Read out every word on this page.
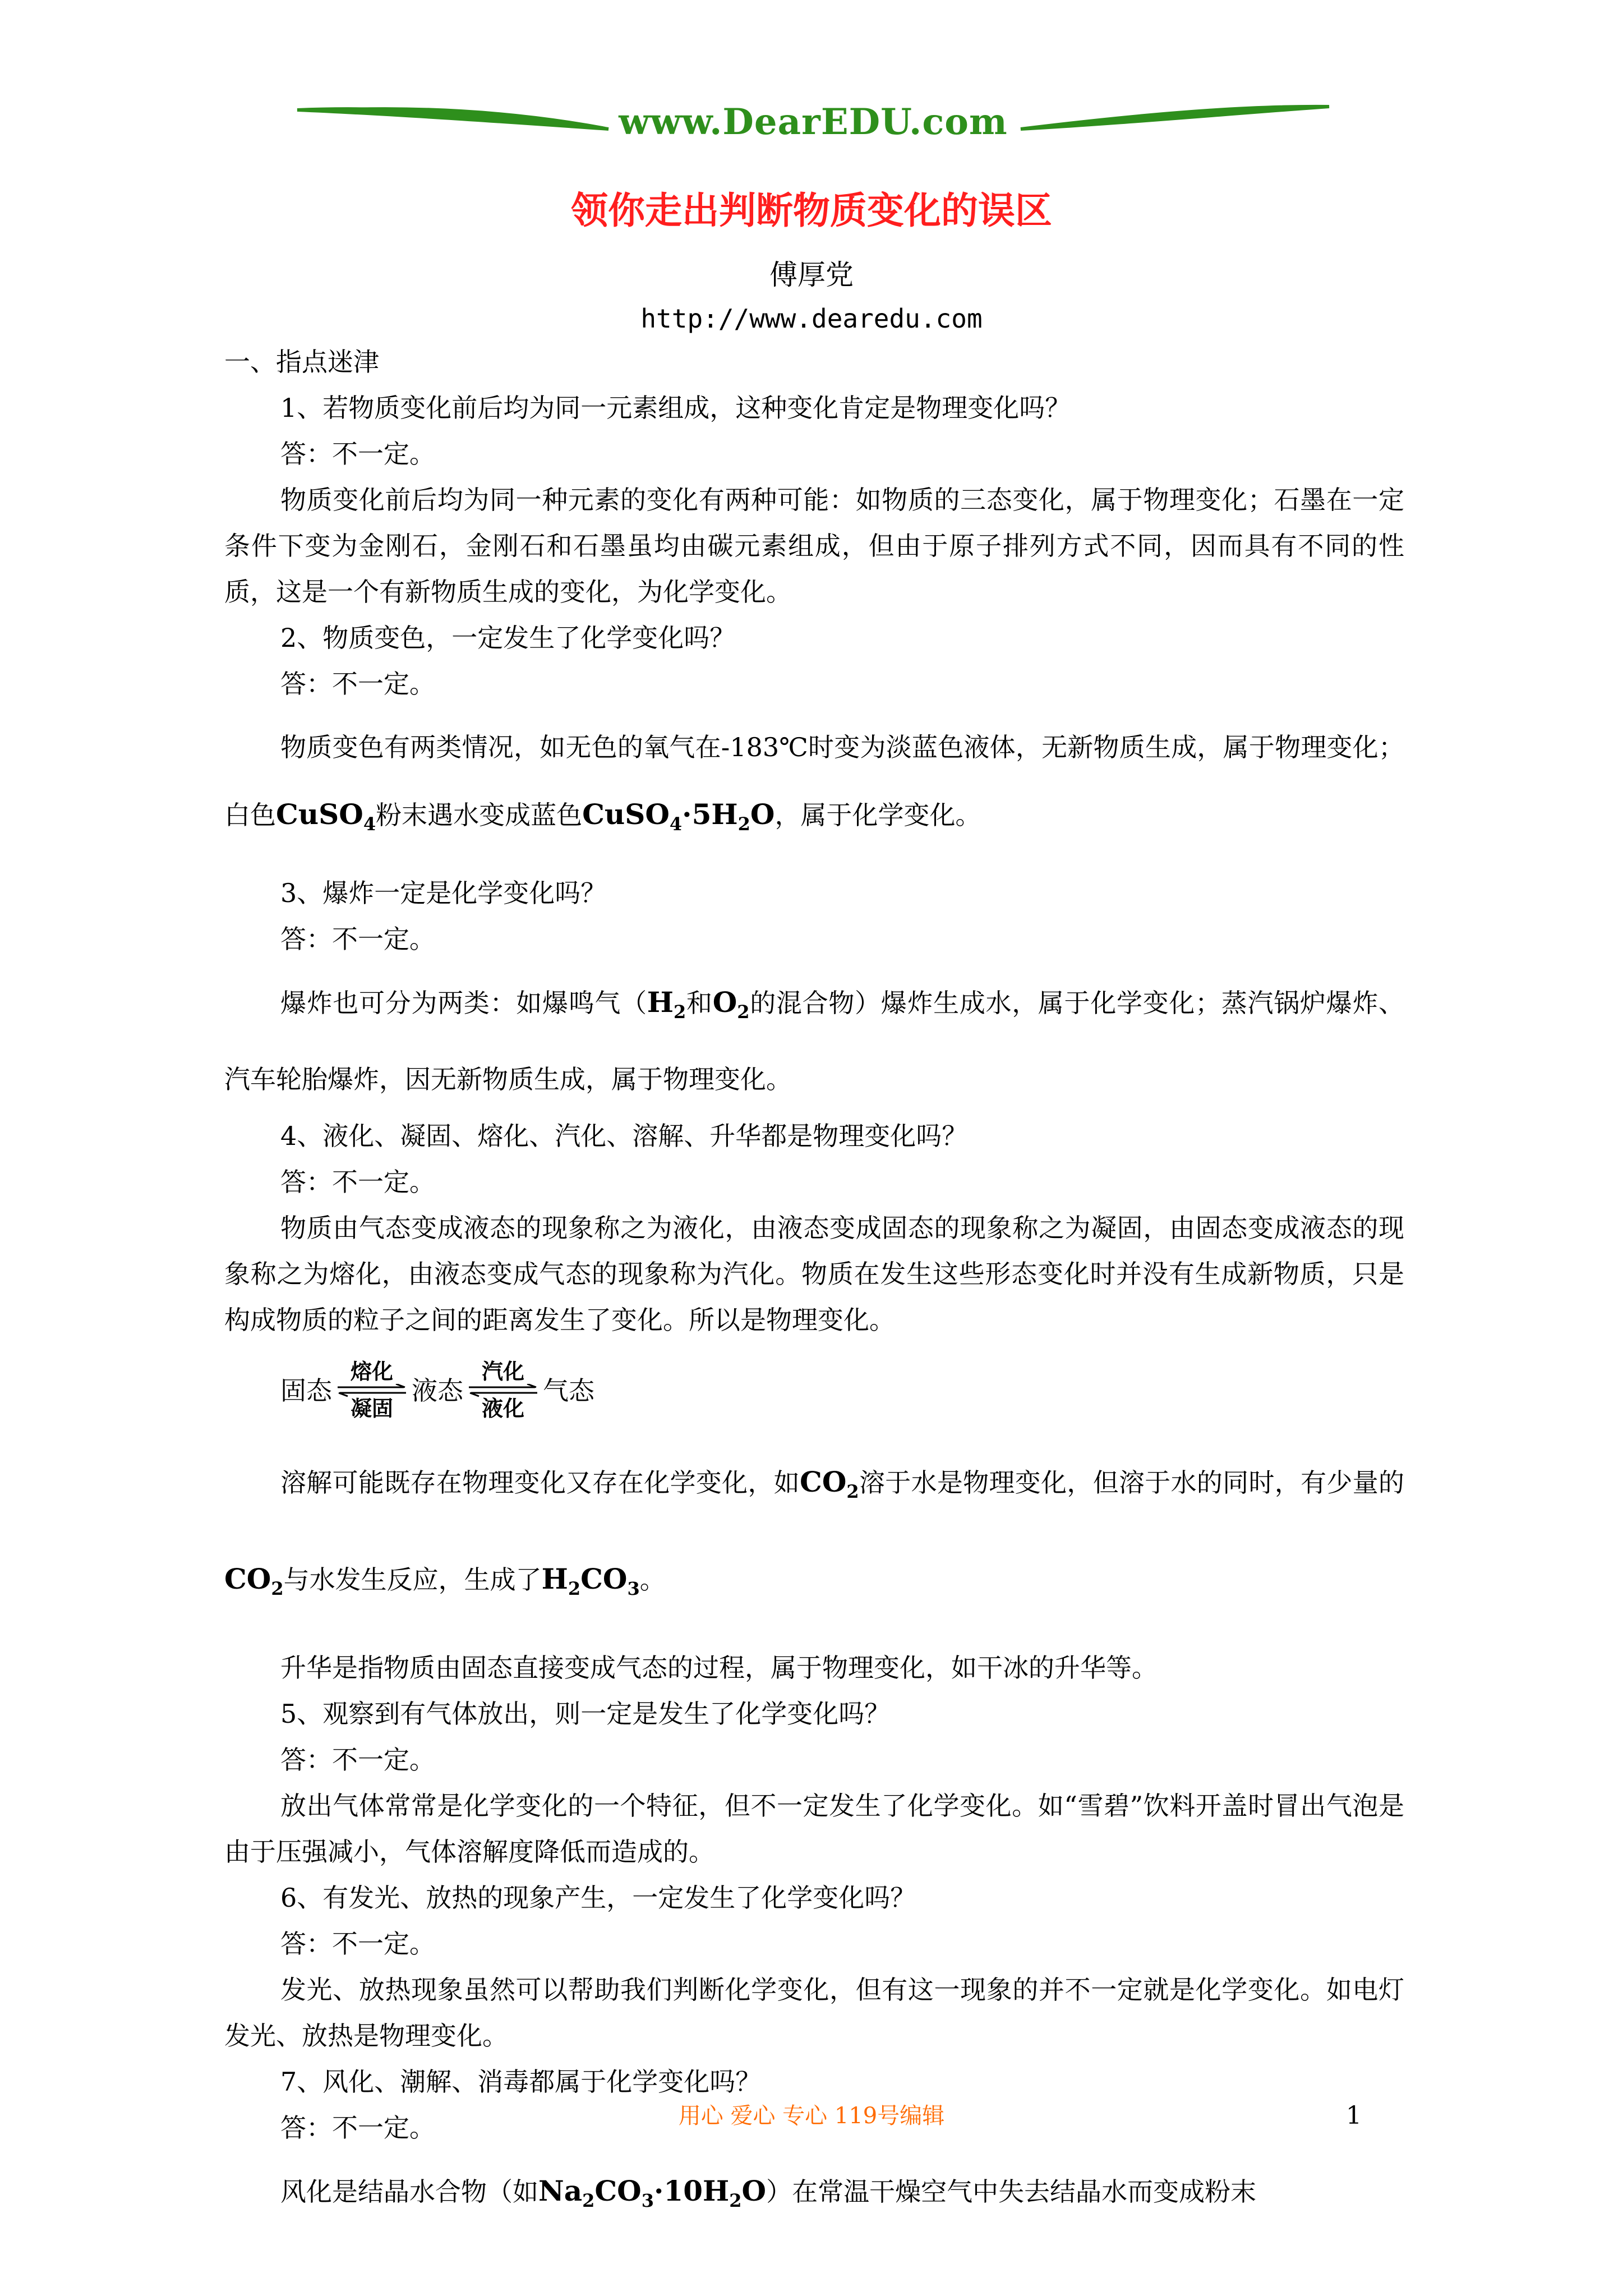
www.DearEDU.com
领你走出判断物质变化的误区
傅厚党
http://www.dearedu.com

一、指点迷津

1、若物质变化前后均为同一元素组成，这种变化肯定是物理变化吗？

答：不一定。

物质变化前后均为同一种元素的变化有两种可能：如物质的三态变化，属于物理变化；石墨在一定条件下变为金刚石，金刚石和石墨虽均由碳元素组成，但由于原子排列方式不同，因而具有不同的性质，这是一个有新物质生成的变化，为化学变化。

2、物质变色，一定发生了化学变化吗？

答：不一定。

物质变色有两类情况，如无色的氧气在-183℃时变为淡蓝色液体，无新物质生成，属于物理变化；白色CuSO$_4$粉末遇水变成蓝色$CuSO_4\cdot 5H_2O$，属于化学变化。

3、爆炸一定是化学变化吗？

答：不一定。

爆炸也可分为两类：如爆鸣气（$H_2$和$O_2$的混合物）爆炸生成水，属于化学变化；蒸汽锅炉爆炸、汽车轮胎爆炸，因无新物质生成，属于物理变化。

4、液化、凝固、熔化、汽化、溶解、升华都是物理变化吗？

答：不一定。

物质由气态变成液态的现象称之为液化，由液态变成固态的现象称之为凝固，由固态变成液态的现象称之为熔化，由液态变成气态的现象称为汽化。物质在发生这些形态变化时并没有生成新物质，只是构成物质的粒子之间的距离发生了变化。所以是物理变化。

固态
熔化
凝固
液态
汽化
液化
气态

溶解可能既存在物理变化又存在化学变化，如$CO_2$溶于水是物理变化，但溶于水的同时，有少量的$CO_2$与水发生反应，生成了$H_2CO_3$。

升华是指物质由固态直接变成气态的过程，属于物理变化，如干冰的升华等。

5、观察到有气体放出，则一定是发生了化学变化吗？

答：不一定。

放出气体常常是化学变化的一个特征，但不一定发生了化学变化。如“雪碧”饮料开盖时冒出气泡是由于压强减小，气体溶解度降低而造成的。

6、有发光、放热的现象产生，一定发生了化学变化吗？

答：不一定。

发光、放热现象虽然可以帮助我们判断化学变化，但有这一现象的并不一定就是化学变化。如电灯发光、放热是物理变化。

7、风化、潮解、消毒都属于化学变化吗？

答：不一定。

风化是结晶水合物（如$Na_2CO_3\cdot 10H_2O$）在常温干燥空气中失去结晶水而变成粉末

用心 爱心 专心 119号编辑	1
